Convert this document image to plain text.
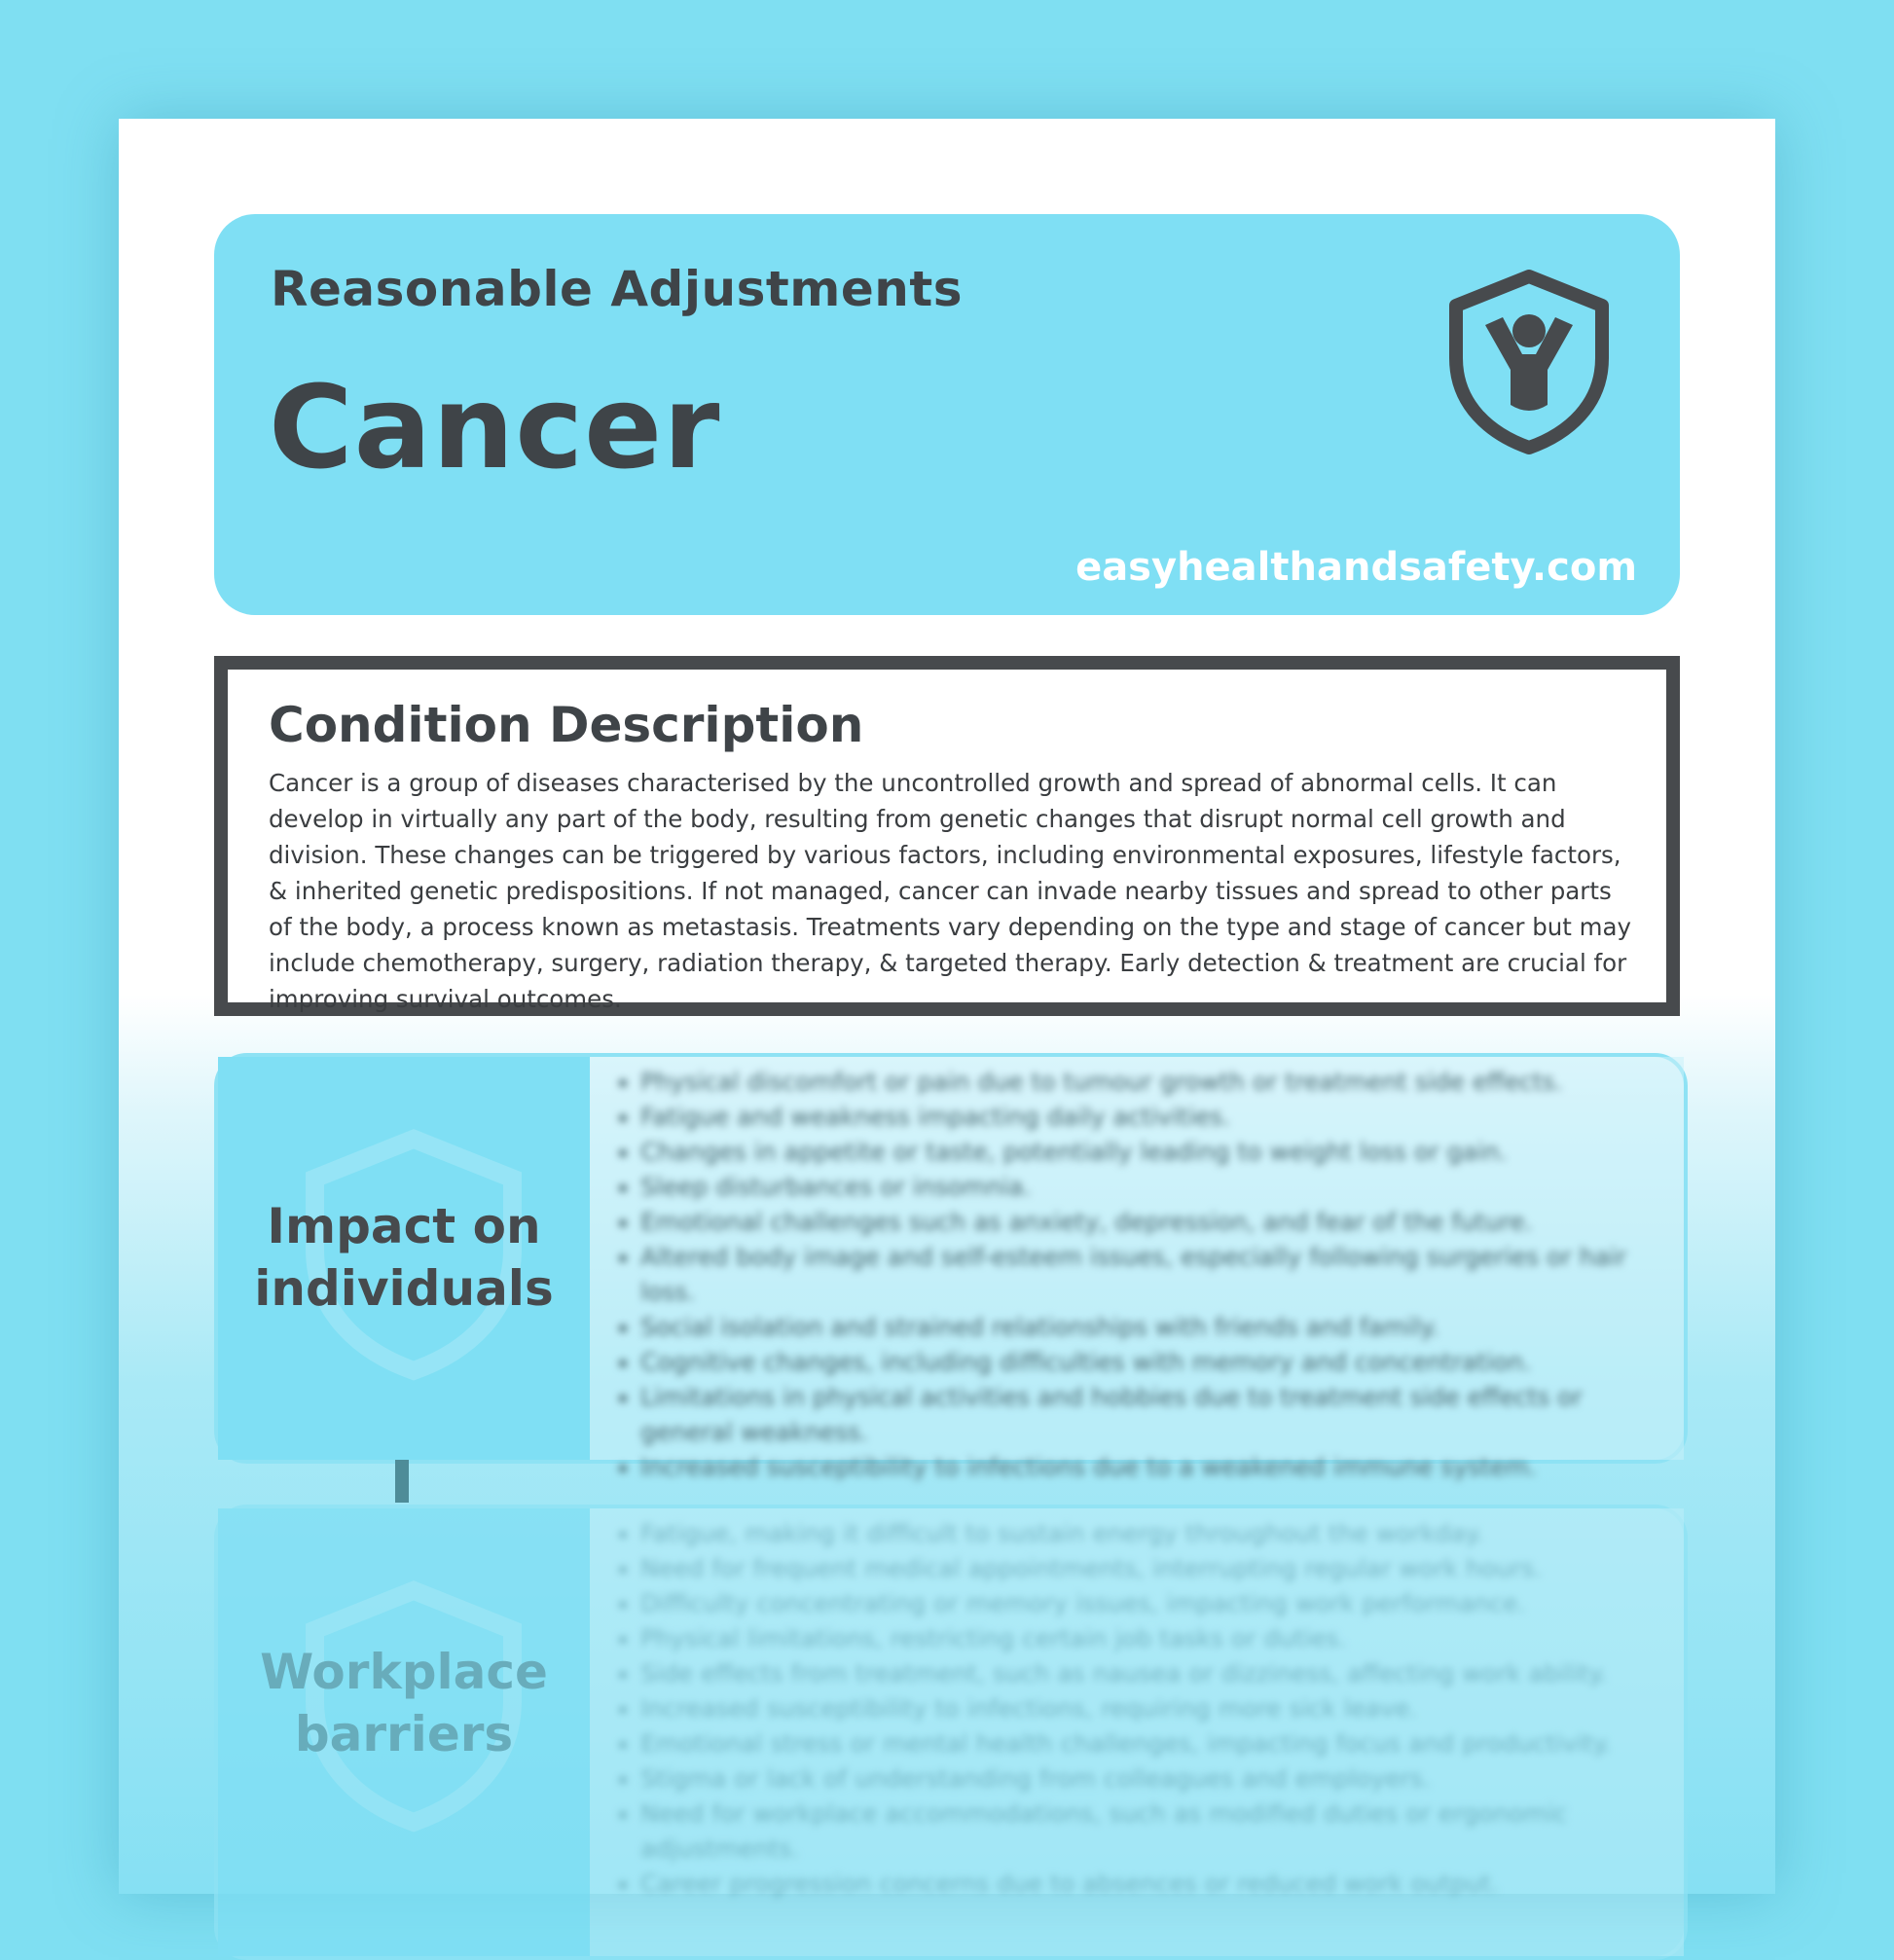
Reasonable Adjustments
Cancer
easyhealthandsafety.com
Condition Description
Cancer is a group of diseases characterised by the uncontrolled growth and spread of abnormal cells. It can develop in virtually any part of the body, resulting from genetic changes that disrupt normal cell growth and division. These changes can be triggered by various factors, including environmental exposures, lifestyle factors, & inherited genetic predispositions. If not managed, cancer can invade nearby tissues and spread to other parts of the body, a process known as metastasis. Treatments vary depending on the type and stage of cancer but may include chemotherapy, surgery, radiation therapy, & targeted therapy. Early detection & treatment are crucial for improving survival outcomes.
Impact on individuals
• Physical discomfort or pain due to tumour growth or treatment side effects.
• Fatigue and weakness impacting daily activities.
• Changes in appetite or taste, potentially leading to weight loss or gain.
• Sleep disturbances or insomnia.
• Emotional challenges such as anxiety, depression, and fear of the future.
• Altered body image and self-esteem issues, especially following surgeries or hair loss.
• Social isolation and strained relationships with friends and family.
• Cognitive changes, including difficulties with memory and concentration.
• Limitations in physical activities and hobbies due to treatment side effects or general weakness.
• Increased susceptibility to infections due to a weakened immune system.
Workplace barriers
• Fatigue, making it difficult to sustain energy throughout the workday.
• Need for frequent medical appointments, interrupting regular work hours.
• Difficulty concentrating or memory issues, impacting work performance.
• Physical limitations, restricting certain job tasks or duties.
• Side effects from treatment, such as nausea or dizziness, affecting work ability.
• Increased susceptibility to infections, requiring more sick leave.
• Emotional stress or mental health challenges, impacting focus and productivity.
• Stigma or lack of understanding from colleagues and employers.
• Need for workplace accommodations, such as modified duties or ergonomic adjustments.
• Career progression concerns due to absences or reduced work output.
